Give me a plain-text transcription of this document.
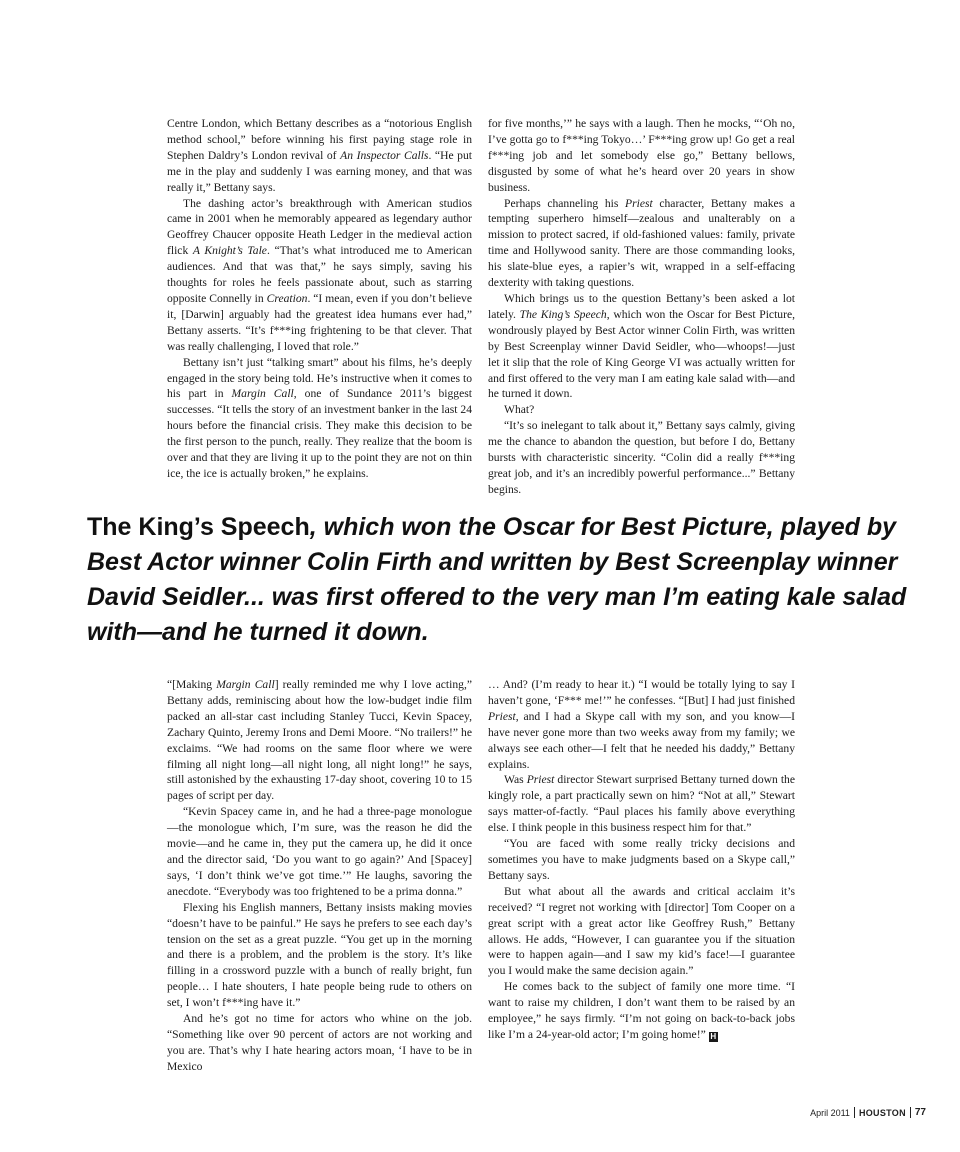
Centre London, which Bettany describes as a “notorious English method school,” before winning his first paying stage role in Stephen Daldry’s London revival of An Inspector Calls. “He put me in the play and suddenly I was earning money, and that was really it,” Bettany says.

The dashing actor’s breakthrough with American studios came in 2001 when he memorably appeared as legendary author Geoffrey Chaucer opposite Heath Ledger in the medieval action flick A Knight’s Tale. “That’s what introduced me to American audiences. And that was that,” he says simply, saving his thoughts for roles he feels passionate about, such as starring opposite Connelly in Creation. “I mean, even if you don’t believe it, [Darwin] arguably had the greatest idea humans ever had,” Bettany asserts. “It’s f***ing frightening to be that clever. That was really challenging, I loved that role.”

Bettany isn’t just “talking smart” about his films, he’s deeply engaged in the story being told. He’s instructive when it comes to his part in Margin Call, one of Sundance 2011’s biggest successes. “It tells the story of an investment banker in the last 24 hours before the financial crisis. They make this decision to be the first person to the punch, really. They realize that the boom is over and that they are living it up to the point they are not on thin ice, the ice is actually broken,” he explains.

for five months,’” he says with a laugh. Then he mocks, “‘Oh no, I’ve gotta go to f***ing Tokyo…’ F***ing grow up! Go get a real f***ing job and let somebody else go,” Bettany bellows, disgusted by some of what he’s heard over 20 years in show business.

Perhaps channeling his Priest character, Bettany makes a tempting superhero himself—zealous and unalterably on a mission to protect sacred, if old-fashioned values: family, private time and Hollywood sanity. There are those commanding looks, his slate-blue eyes, a rapier’s wit, wrapped in a self-effacing dexterity with taking questions.

Which brings us to the question Bettany’s been asked a lot lately. The King’s Speech, which won the Oscar for Best Picture, wondrously played by Best Actor winner Colin Firth, was written by Best Screenplay winner David Seidler, who—whoops!—just let it slip that the role of King George VI was actually written for and first offered to the very man I am eating kale salad with—and he turned it down.

What?

“It’s so inelegant to talk about it,” Bettany says calmly, giving me the chance to abandon the question, but before I do, Bettany bursts with characteristic sincerity. “Colin did a really f***ing great job, and it’s an incredibly powerful performance...” Bettany begins.

The King’s Speech, which won the Oscar for Best Picture, played by Best Actor winner Colin Firth and written by Best Screenplay winner David Seidler... was first offered to the very man I’m eating kale salad with—and he turned it down.

“[Making Margin Call] really reminded me why I love acting,” Bettany adds, reminiscing about how the low-budget indie film packed an all-star cast including Stanley Tucci, Kevin Spacey, Zachary Quinto, Jeremy Irons and Demi Moore. “No trailers!” he exclaims. “We had rooms on the same floor where we were filming all night long—all night long, all night long!” he says, still astonished by the exhausting 17-day shoot, covering 10 to 15 pages of script per day.

“Kevin Spacey came in, and he had a three-page monologue—the monologue which, I’m sure, was the reason he did the movie—and he came in, they put the camera up, he did it once and the director said, ‘Do you want to go again?’ And [Spacey] says, ‘I don’t think we’ve got time.’” He laughs, savoring the anecdote. “Everybody was too frightened to be a prima donna.”

Flexing his English manners, Bettany insists making movies “doesn’t have to be painful.” He says he prefers to see each day’s tension on the set as a great puzzle. “You get up in the morning and there is a problem, and the problem is the story. It’s like filling in a crossword puzzle with a bunch of really bright, fun people… I hate shouters, I hate people being rude to others on set, I won’t f***ing have it.”

And he’s got no time for actors who whine on the job. “Something like over 90 percent of actors are not working and you are. That’s why I hate hearing actors moan, ‘I have to be in Mexico

… And? (I’m ready to hear it.) “I would be totally lying to say I haven’t gone, ‘F*** me!’” he confesses. “[But] I had just finished Priest, and I had a Skype call with my son, and you know—I have never gone more than two weeks away from my family; we always see each other—I felt that he needed his daddy,” Bettany explains.

Was Priest director Stewart surprised Bettany turned down the kingly role, a part practically sewn on him? “Not at all,” Stewart says matter-of-factly. “Paul places his family above everything else. I think people in this business respect him for that.”

“You are faced with some really tricky decisions and sometimes you have to make judgments based on a Skype call,” Bettany says.

But what about all the awards and critical acclaim it’s received? “I regret not working with [director] Tom Cooper on a great script with a great actor like Geoffrey Rush,” Bettany allows. He adds, “However, I can guarantee you if the situation were to happen again—and I saw my kid’s face!—I guarantee you I would make the same decision again.”

He comes back to the subject of family one more time. “I want to raise my children, I don’t want them to be raised by an employee,” he says firmly. “I’m not going on back-to-back jobs like I’m a 24-year-old actor; I’m going home!” H

April 2011 HOUSTON 77
